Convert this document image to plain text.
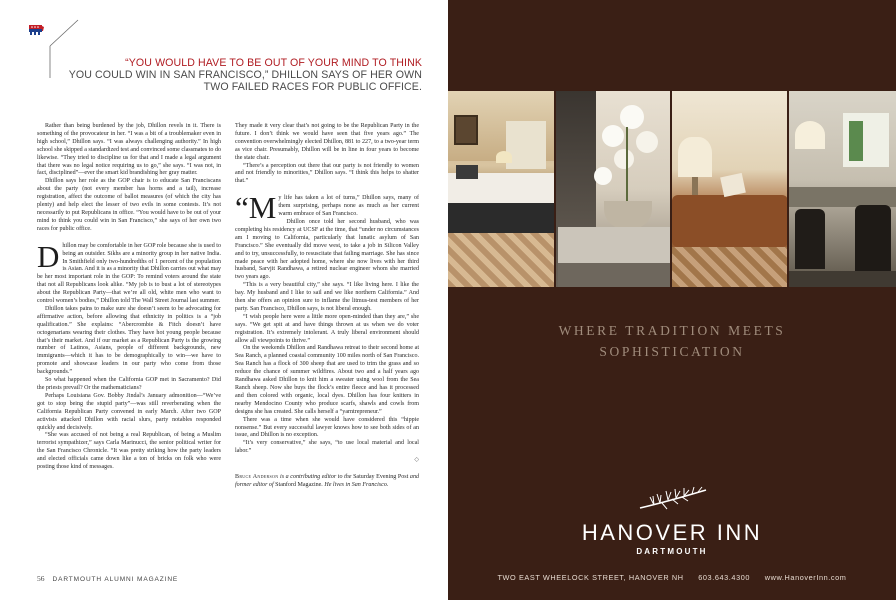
“YOU WOULD HAVE TO BE OUT OF YOUR MIND TO THINK
YOU COULD WIN IN SAN FRANCISCO,” DHILLON SAYS OF HER OWN
TWO FAILED RACES FOR PUBLIC OFFICE.

Rather than being burdened by the job, Dhillon revels in it. There is something of the provocateur in her. “I was a bit of a troublemaker even in high school,” Dhillon says. “I was always challenging authority.” In high school she skipped a standardized test and convinced some classmates to do likewise. “They tried to discipline us for that and I made a legal argument that there was no legal notice requiring us to go,” she says. “I was not, in fact, disciplined”—ever the smart kid brandishing her gray matter.

Dhillon says her role as the GOP chair is to educate San Franciscans about the party (not every member has horns and a tail), increase registration, affect the outcome of ballot measures (of which the city has plenty) and help elect the lesser of two evils in some contests. It’s not necessarily to put Republicans in office. “You would have to be out of your mind to think you could win in San Francisco,” she says of her own two races for public office.

Dhillon may be comfortable in her GOP role because she is used to being an outsider. Sikhs are a minority group in her native India. In Smithfield only two-hundredths of 1 percent of the population is Asian. And it is as a minority that Dhillon carries out what may be her most important role in the GOP: To remind voters around the state that not all Republicans look alike. “My job is to bust a lot of stereotypes about the Republican Party—that we’re all old, white men who want to control women’s bodies,” Dhillon told The Wall Street Journal last summer.

Dhillon takes pains to make sure she doesn’t seem to be advocating for affirmative action, before allowing that ethnicity in politics is a “job qualification.” She explains: “Abercrombie & Fitch doesn’t have octogenarians wearing their clothes. They have hot young people because that’s their market. And if our market as a Republican Party is the growing number of Latinos, Asians, people of different backgrounds, new immigrants—which it has to be demographically to win—we have to promote and showcase leaders in our party who come from those backgrounds.”

So what happened when the California GOP met in Sacramento? Did the priests prevail? Or the mathematicians?

Perhaps Louisiana Gov. Bobby Jindal’s January admonition—“We’ve got to stop being the stupid party”—was still reverberating when the California Republican Party convened in early March. After two GOP activists attacked Dhillon with racial slurs, party notables responded quickly and decisively.

“She was accused of not being a real Republican, of being a Muslim terrorist sympathizer,” says Carla Marinucci, the senior political writer for the San Francisco Chronicle. “It was pretty striking how the party leaders and elected officials came down like a ton of bricks on folk who were posting those kind of messages.

They made it very clear that’s not going to be the Republican Party in the future. I don’t think we would have seen that five years ago.” The convention overwhelmingly elected Dhillon, 881 to 227, to a two-year term as vice chair. Presumably, Dhillon will be in line in four years to become the state chair.

“There’s a perception out there that our party is not friendly to women and not friendly to minorities,” Dhillon says. “I think this helps to shatter that.”

“My life has taken a lot of turns,” Dhillon says, many of them surprising, perhaps none as much as her current warm embrace of San Francisco.

Dhillon once told her second husband, who was completing his residency at UCSF at the time, that “under no circumstances am I moving to California, particularly that lunatic asylum of San Francisco.” She eventually did move west, to take a job in Silicon Valley and to try, unsuccessfully, to resuscitate that failing marriage. She has since made peace with her adopted home, where she now lives with her third husband, Sarvjit Randhawa, a retired nuclear engineer whom she married two years ago.

“This is a very beautiful city,” she says. “I like living here. I like the bay. My husband and I like to sail and we like northern California.” And then she offers an opinion sure to inflame the litmus-test members of her party. San Francisco, Dhillon says, is not liberal enough.

“I wish people here were a little more open-minded than they are,” she says. “We get spit at and have things thrown at us when we do voter registration. It’s extremely intolerant. A truly liberal environment should allow all viewpoints to thrive.”

On the weekends Dhillon and Randhawa retreat to their second home at Sea Ranch, a planned coastal community 100 miles north of San Francisco. Sea Ranch has a flock of 300 sheep that are used to trim the grass and so reduce the chance of summer wildfires. About two and a half years ago Randhawa asked Dhillon to knit him a sweater using wool from the Sea Ranch sheep. Now she buys the flock’s entire fleece and has it processed and then colored with organic, local dyes. Dhillon has four knitters in nearby Mendocino County who produce scarfs, shawls and cowls from designs she has created. She calls herself a “yarntrepreneur.”

There was a time when she would have considered this “hippie nonsense.” But every successful lawyer knows how to see both sides of an issue, and Dhillon is no exception.

“It’s very conservative,” she says, “to use local material and local labor.”

◇

Bruce Anderson is a contributing editor to the Saturday Evening Post and former editor of Stanford Magazine. He lives in San Francisco.

56 DARTMOUTH ALUMNI MAGAZINE
WHERE TRADITION MEETS
SOPHISTICATION
HANOVER INN
DARTMOUTH
TWO EAST WHEELOCK STREET, HANOVER NH 603.643.4300 www.HanoverInn.com
